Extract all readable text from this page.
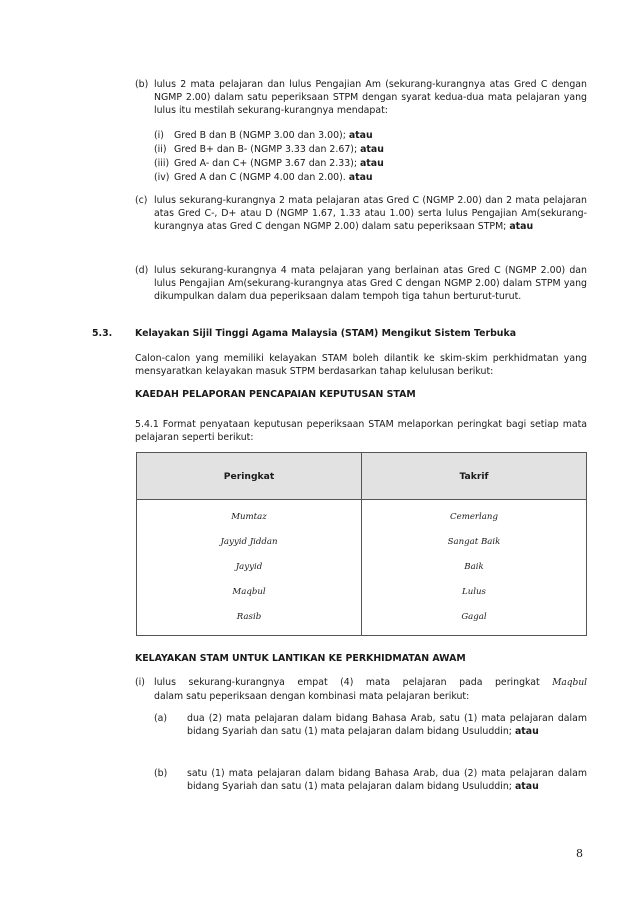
(b) lulus 2 mata pelajaran dan lulus Pengajian Am (sekurang-kurangnya atas Gred C dengan NGMP 2.00) dalam satu peperiksaan STPM dengan syarat kedua-dua mata pelajaran yang lulus itu mestilah sekurang-kurangnya mendapat:
(i)	Gred B dan B (NGMP 3.00 dan 3.00);
atau
(ii) Gred B+ dan B- (NGMP 3.33 dan 2.67);
atau
(iii) Gred A- dan C+ (NGMP 3.67 dan 2.33);
atau
(iv) Gred A dan C (NGMP 4.00 dan 2.00).
atau
(c) lulus sekurang-kurangnya 2 mata pelajaran atas Gred C (NGMP 2.00) dan 2 mata pelajaran atas Gred C-, D+ atau D (NGMP 1.67, 1.33 atau 1.00) serta lulus Pengajian Am(sekurang-kurangnya atas Gred C dengan NGMP 2.00) dalam satu peperiksaan STPM; atau
(d) lulus sekurang-kurangnya 4 mata pelajaran yang berlainan atas Gred C (NGMP 2.00) dan lulus Pengajian Am(sekurang-kurangnya atas Gred C dengan NGMP 2.00) dalam STPM yang dikumpulkan dalam dua peperiksaan dalam tempoh tiga tahun berturut-turut.
5.3. Kelayakan Sijil Tinggi Agama Malaysia (STAM) Mengikut Sistem Terbuka
Calon-calon yang memiliki kelayakan STAM boleh dilantik ke skim-skim perkhidmatan yang mensyaratkan kelayakan masuk STPM berdasarkan tahap kelulusan berikut:
KAEDAH PELAPORAN PENCAPAIAN KEPUTUSAN STAM
5.4.1 Format penyataan keputusan peperiksaan STAM melaporkan peringkat bagi setiap mata pelajaran seperti berikut:
Peringkat	Takrif
Mumtaz	Cemerlang
Jayyid Jiddan	Sangat Baik
Jayyid	Baik
Maqbul	Lulus
Rasib	Gagal
KELAYAKAN STAM UNTUK LANTIKAN KE PERKHIDMATAN AWAM
(i) lulus sekurang-kurangnya empat (4) mata pelajaran pada peringkat Maqbul
dalam satu peperiksaan dengan kombinasi mata pelajaran berikut:
(a) dua (2) mata pelajaran dalam bidang Bahasa Arab, satu (1) mata pelajaran dalam bidang Syariah dan satu (1) mata pelajaran dalam bidang Usuluddin; atau
(b) satu (1) mata pelajaran dalam bidang Bahasa Arab, dua (2) mata pelajaran dalam bidang Syariah dan satu (1) mata pelajaran dalam bidang Usuluddin; atau
8
